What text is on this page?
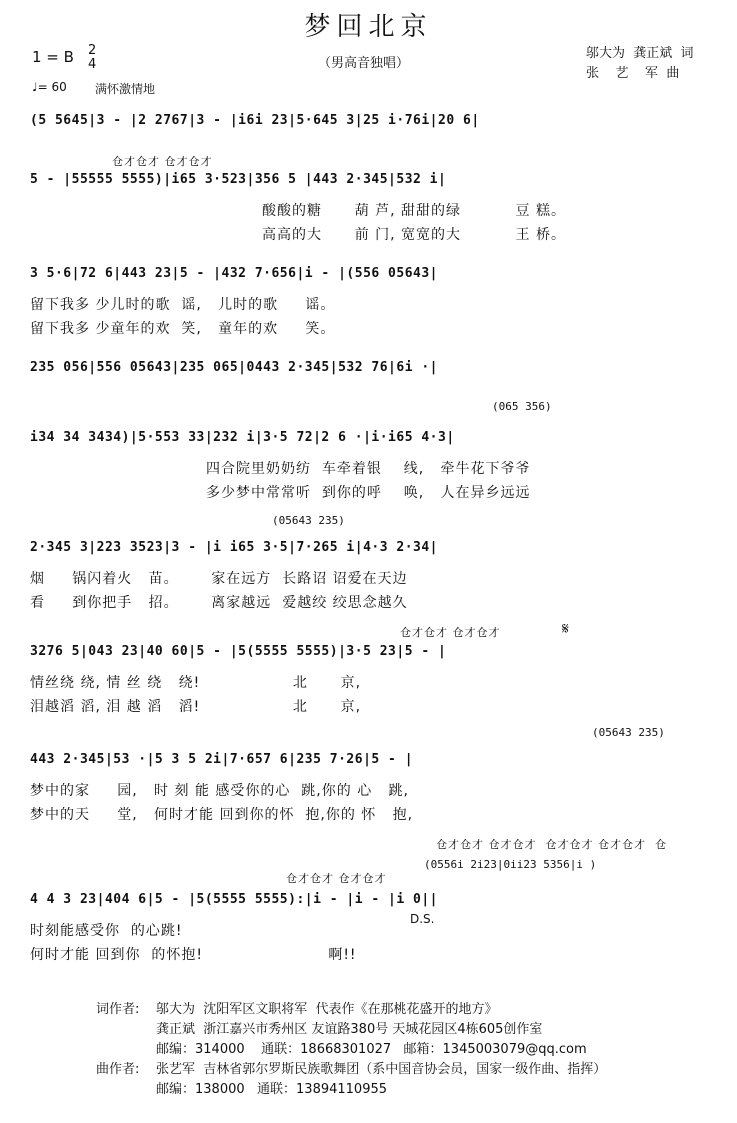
梦回北京
1 = B 2
4
♩= 60 满怀激情地
（男高音独唱）
邬大为  龚正斌  词
张    艺    军  曲
(5 5645|3 - |2 2767|3 - |i6i 23|5·645 3|25 i·76i|20 6|
仓才仓才 仓才仓才
5 - |55555 5555)|i65 3·523|356 5 |443 2·345|532 i|
酸酸的糖      葫 芦, 甜甜的绿          豆 糕。
高高的大      前 门, 宽宽的大          王 桥。
3 5·6|72 6|443 23|5 - |432 7·656|i - |(556 05643|
留下我多 少儿时的歌  谣,   儿时的歌     谣。
留下我多 少童年的欢  笑,   童年的欢     笑。
235 056|556 05643|235 065|0443 2·345|532 76|6i ·|
(065 356)
i34 34 3434)|5·553 33|232 i|3·5 72|2 6 ·|i·i65 4·3|
四合院里奶奶纺  车牵着银    线,   牵牛花下爷爷
多少梦中常常听  到你的呼    唤,   人在异乡远远
(05643 235)
2·345 3|223 3523|3 - |i i65 3·5|7·265 i|4·3 2·34|
烟     锅闪着火   苗。      家在远方  长路诏 诏爱在天边
看     到你把手   招。      离家越远  爱越绞 绞思念越久
仓才仓才 仓才仓才	𝄋
3276 5|043 23|40 60|5 - |5(5555 5555)|3·5 23|5 - |
情丝绕 绕, 情 丝 绕   绕!                 北      京,
泪越滔 滔, 泪 越 滔   滔!                 北      京,
(05643 235)
443 2·345|53 ·|5 3 5 2i|7·657 6|235 7·26|5 - |
梦中的家     园,   时 刻 能 感受你的心  跳,你的 心   跳,
梦中的天     堂,   何时才能 回到你的怀  抱,你的 怀   抱,
仓才仓才 仓才仓才  仓才仓才 仓才仓才  仓
(0556i 2i23|0ii23 5356|i )
仓才仓才 仓才仓才
4 4 3 23|404 6|5 - |5(5555 5555):|i - |i - |i 0||
D.S.
时刻能感受你  的心跳!
何时才能 回到你  的怀抱!                       啊!!
词作者: 邬大为  沈阳军区文职将军  代表作《在那桃花盛开的地方》
龚正斌  浙江嘉兴市秀州区 友谊路380号 天城花园区4栋605创作室
邮编：314000    通联：18668301027   邮箱：1345003079@qq.com
曲作者: 张艺军  吉林省郭尔罗斯民族歌舞团（系中国音协会员，国家一级作曲、指挥）
邮编：138000   通联：13894110955
